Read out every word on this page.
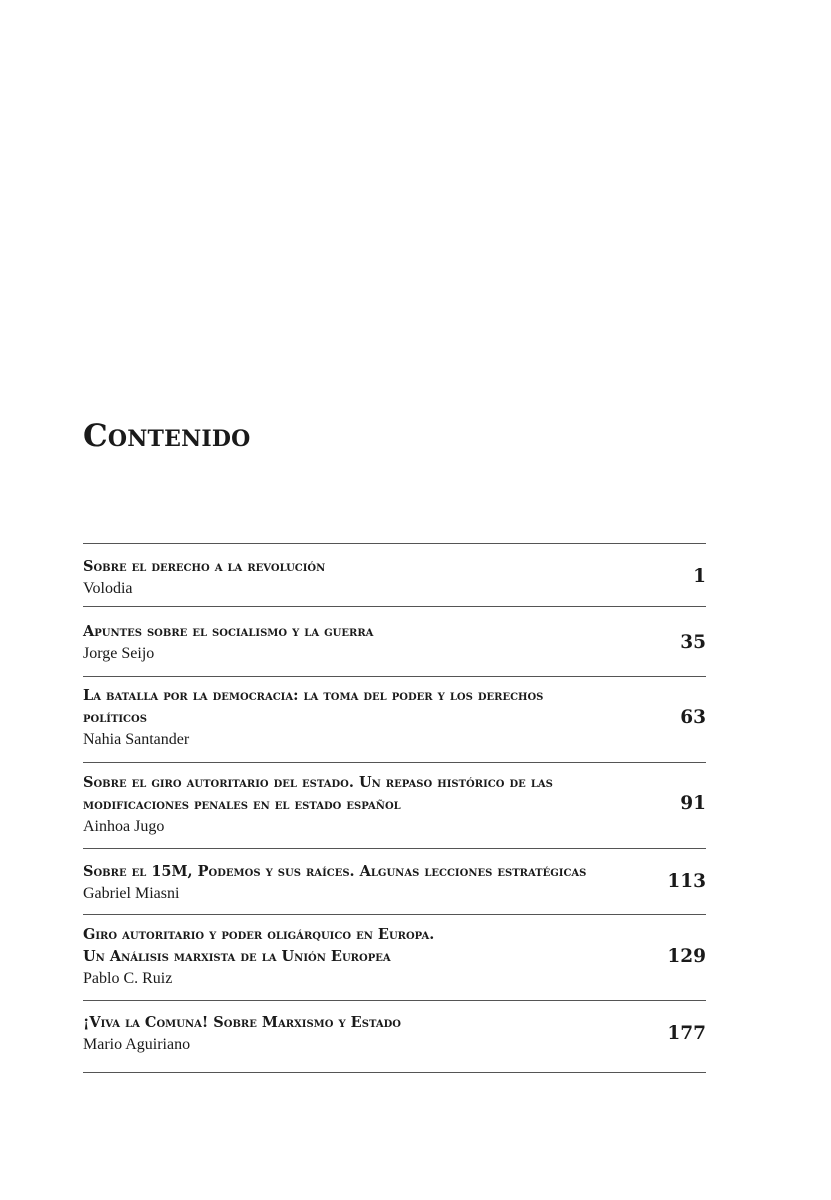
Contenido
Sobre el derecho a la revolución
Volodia
1
Apuntes sobre el socialismo y la guerra
Jorge Seijo
35
La batalla por la democracia: la toma del poder y los derechos
políticos
Nahia Santander
63
Sobre el giro autoritario del estado. Un repaso histórico de las
modificaciones penales en el estado español
Ainhoa Jugo
91
Sobre el 15M, Podemos y sus raíces. Algunas lecciones estratégicas
Gabriel Miasni
113
Giro autoritario y poder oligárquico en Europa.
Un Análisis marxista de la Unión Europea
Pablo C. Ruiz
129
¡Viva la Comuna! Sobre Marxismo y Estado
Mario Aguiriano
177
